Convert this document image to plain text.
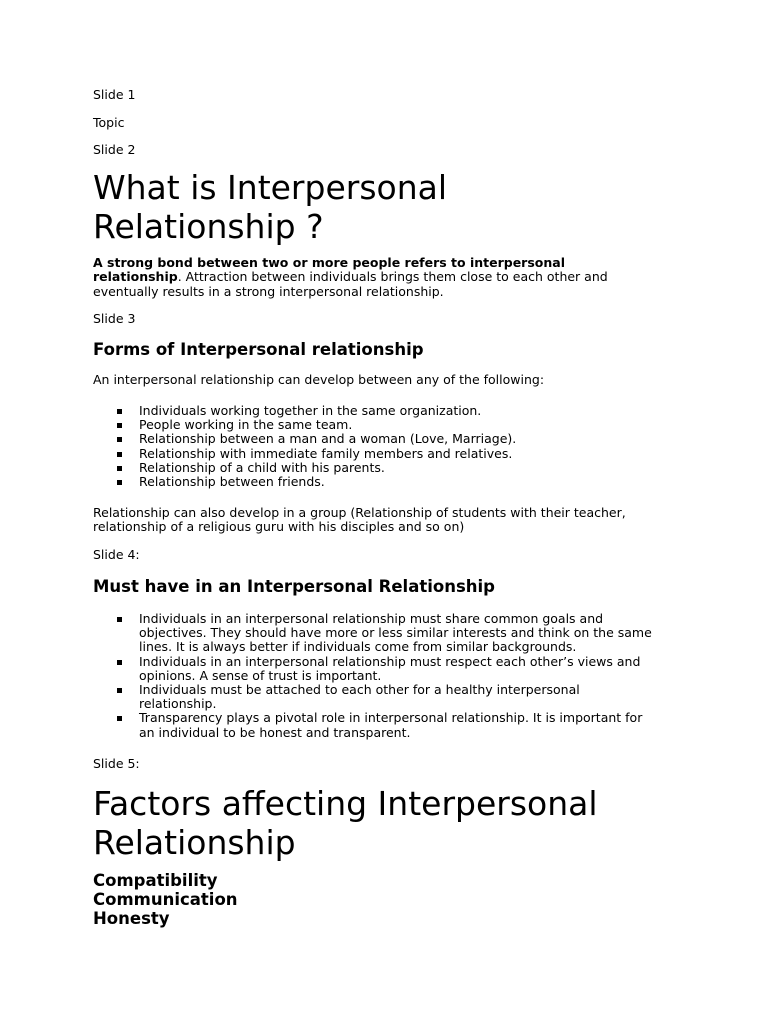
Slide 1
Topic
Slide 2
What is Interpersonal
Relationship ?
A strong bond between two or more people refers to interpersonal
relationship. Attraction between individuals brings them close to each other and
eventually results in a strong interpersonal relationship.
Slide 3
Forms of Interpersonal relationship
An interpersonal relationship can develop between any of the following:
Individuals working together in the same organization.
People working in the same team.
Relationship between a man and a woman (Love, Marriage).
Relationship with immediate family members and relatives.
Relationship of a child with his parents.
Relationship between friends.
Relationship can also develop in a group (Relationship of students with their teacher,
relationship of a religious guru with his disciples and so on)
Slide 4:
Must have in an Interpersonal Relationship
Individuals in an interpersonal relationship must share common goals and
objectives. They should have more or less similar interests and think on the same
lines. It is always better if individuals come from similar backgrounds.
Individuals in an interpersonal relationship must respect each other’s views and
opinions. A sense of trust is important.
Individuals must be attached to each other for a healthy interpersonal
relationship.
Transparency plays a pivotal role in interpersonal relationship. It is important for
an individual to be honest and transparent.
Slide 5:
Factors affecting Interpersonal
Relationship
Compatibility
Communication
Honesty
